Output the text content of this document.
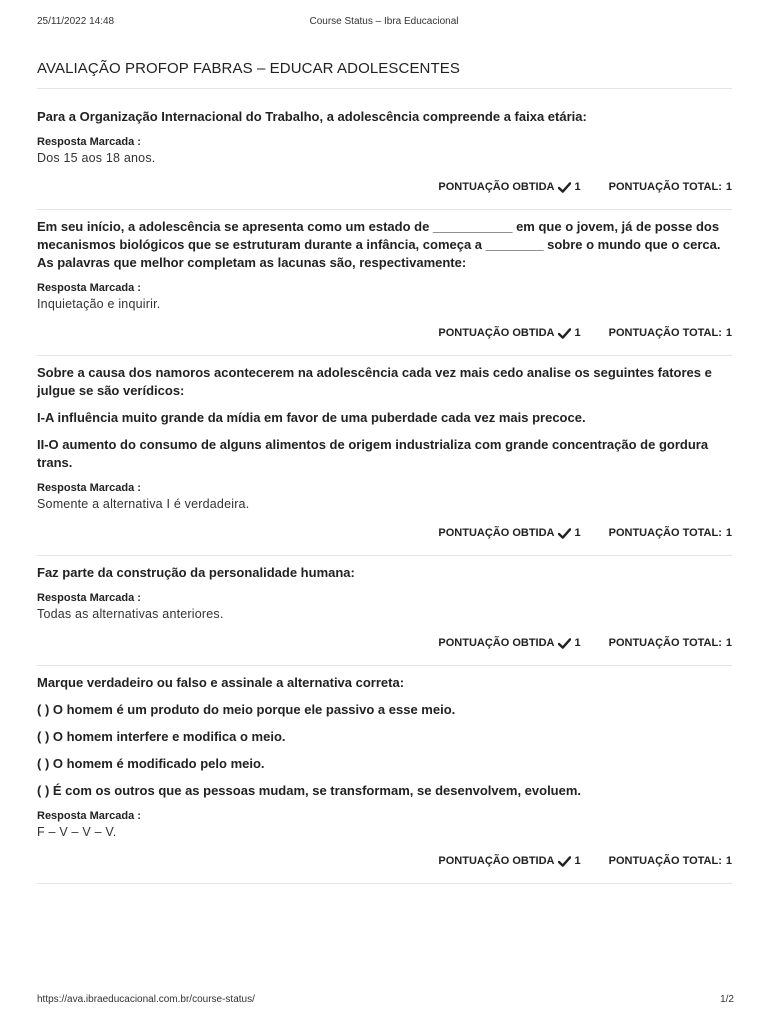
25/11/2022 14:48	Course Status – Ibra Educacional
AVALIAÇÃO PROFOP FABRAS – EDUCAR ADOLESCENTES
Para a Organização Internacional do Trabalho, a adolescência compreende a faixa etária:
Resposta Marcada :
Dos 15 aos 18 anos.
PONTUAÇÃO OBTIDA 1	PONTUAÇÃO TOTAL: 1
Em seu início, a adolescência se apresenta como um estado de ___________ em que o jovem, já de posse dos mecanismos biológicos que se estruturam durante a infância, começa a ________ sobre o mundo que o cerca. As palavras que melhor completam as lacunas são, respectivamente:
Resposta Marcada :
Inquietação e inquirir.
PONTUAÇÃO OBTIDA 1	PONTUAÇÃO TOTAL: 1
Sobre a causa dos namoros acontecerem na adolescência cada vez mais cedo analise os seguintes fatores e julgue se são verídicos:
I-A influência muito grande da mídia em favor de uma puberdade cada vez mais precoce.
II-O aumento do consumo de alguns alimentos de origem industrializa com grande concentração de gordura trans.
Resposta Marcada :
Somente a alternativa I é verdadeira.
PONTUAÇÃO OBTIDA 1	PONTUAÇÃO TOTAL: 1
Faz parte da construção da personalidade humana:
Resposta Marcada :
Todas as alternativas anteriores.
PONTUAÇÃO OBTIDA 1	PONTUAÇÃO TOTAL: 1
Marque verdadeiro ou falso e assinale a alternativa correta:
( ) O homem é um produto do meio porque ele passivo a esse meio.
( ) O homem interfere e modifica o meio.
( ) O homem é modificado pelo meio.
( ) É com os outros que as pessoas mudam, se transformam, se desenvolvem, evoluem.
Resposta Marcada :
F – V – V – V.
PONTUAÇÃO OBTIDA 1	PONTUAÇÃO TOTAL: 1
https://ava.ibraeducacional.com.br/course-status/	1/2
